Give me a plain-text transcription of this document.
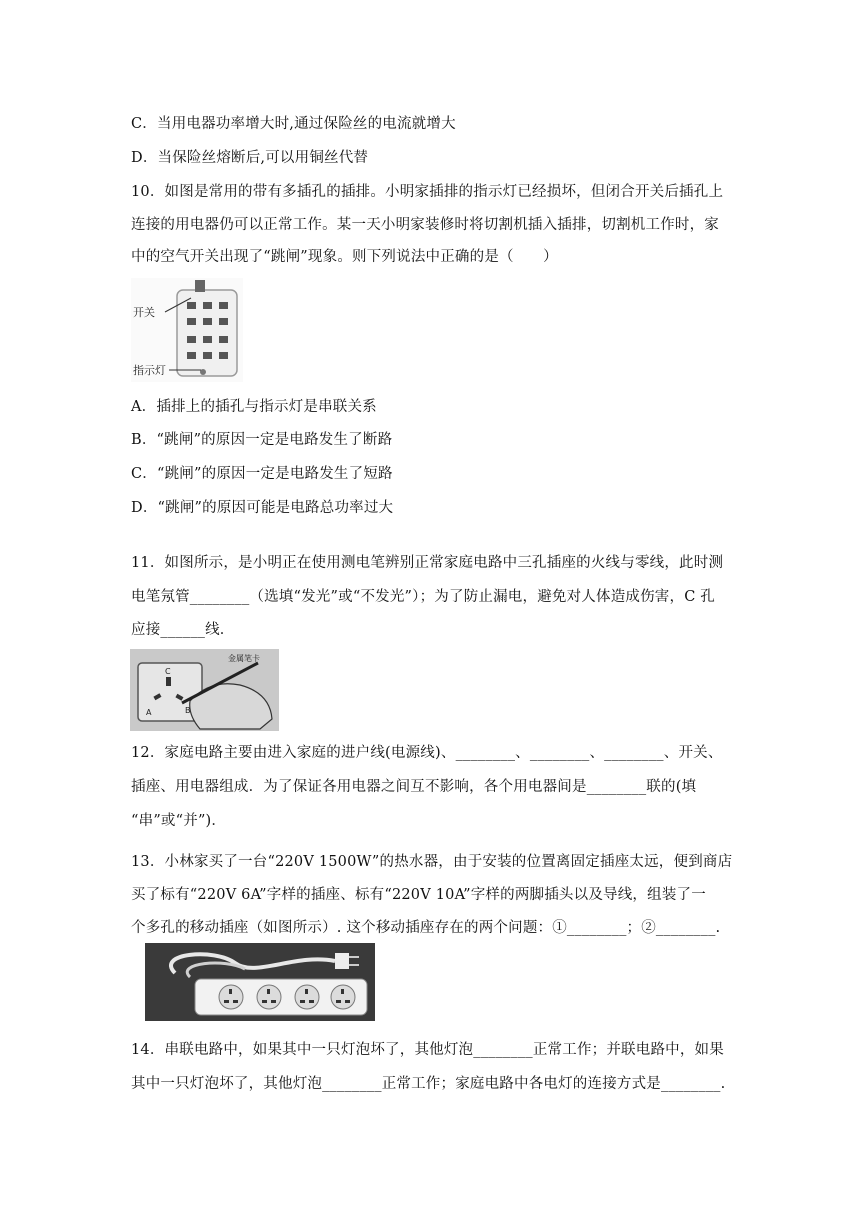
C．当用电器功率增大时,通过保险丝的电流就增大
D．当保险丝熔断后,可以用铜丝代替
10．如图是常用的带有多插孔的插排。小明家插排的指示灯已经损坏，但闭合开关后插孔上
连接的用电器仍可以正常工作。某一天小明家装修时将切割机插入插排，切割机工作时，家
中的空气开关出现了“跳闸”现象。则下列说法中正确的是（　　）
开关
指示灯
A．插排上的插孔与指示灯是串联关系
B．“跳闸”的原因一定是电路发生了断路
C．“跳闸”的原因一定是电路发生了短路
D．“跳闸”的原因可能是电路总功率过大
11．如图所示，是小明正在使用测电笔辨别正常家庭电路中三孔插座的火线与零线，此时测
电笔氖管________（选填“发光”或“不发光”）；为了防止漏电，避免对人体造成伤害，C 孔
应接______线．
金属笔卡
C
A	B
12．家庭电路主要由进入家庭的进户线(电源线)、________、________、________、开关、
插座、用电器组成．为了保证各用电器之间互不影响，各个用电器间是________联的(填
“串”或“并”)．
13．小林家买了一台“220V 1500W”的热水器，由于安装的位置离固定插座太远，便到商店
买了标有“220V 6A”字样的插座、标有“220V 10A”字样的两脚插头以及导线，组装了一
个多孔的移动插座（如图所示）. 这个移动插座存在的两个问题：①________；②________.
14．串联电路中，如果其中一只灯泡坏了，其他灯泡________正常工作；并联电路中，如果
其中一只灯泡坏了，其他灯泡________正常工作；家庭电路中各电灯的连接方式是________.
